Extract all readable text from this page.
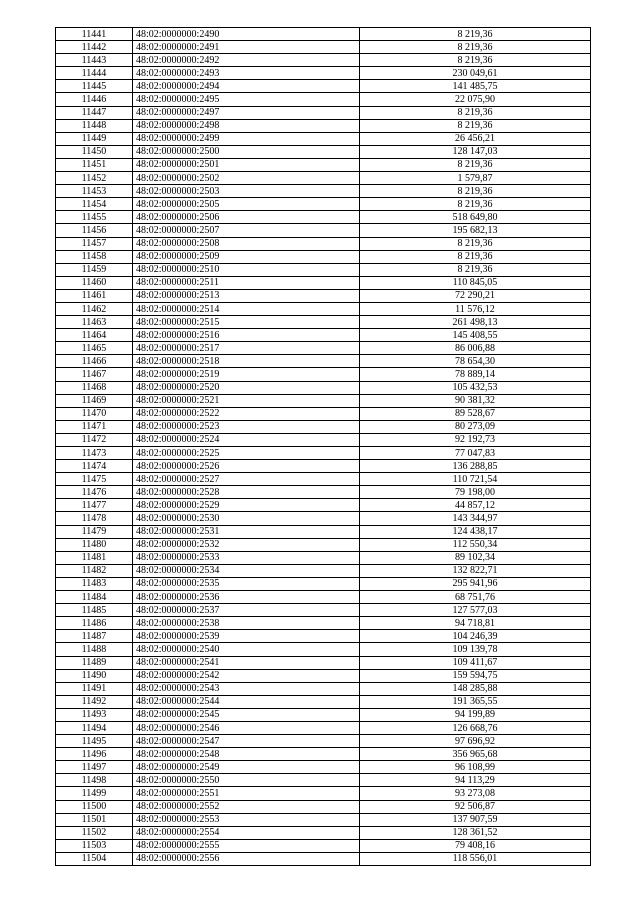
11441	48:02:0000000:2490	8 219,36
11442	48:02:0000000:2491	8 219,36
11443	48:02:0000000:2492	8 219,36
11444	48:02:0000000:2493	230 049,61
11445	48:02:0000000:2494	141 485,75
11446	48:02:0000000:2495	22 075,90
11447	48:02:0000000:2497	8 219,36
11448	48:02:0000000:2498	8 219,36
11449	48:02:0000000:2499	26 456,21
11450	48:02:0000000:2500	128 147,03
11451	48:02:0000000:2501	8 219,36
11452	48:02:0000000:2502	1 579,87
11453	48:02:0000000:2503	8 219,36
11454	48:02:0000000:2505	8 219,36
11455	48:02:0000000:2506	518 649,80
11456	48:02:0000000:2507	195 682,13
11457	48:02:0000000:2508	8 219,36
11458	48:02:0000000:2509	8 219,36
11459	48:02:0000000:2510	8 219,36
11460	48:02:0000000:2511	110 845,05
11461	48:02:0000000:2513	72 290,21
11462	48:02:0000000:2514	11 576,12
11463	48:02:0000000:2515	261 498,13
11464	48:02:0000000:2516	145 408,55
11465	48:02:0000000:2517	86 006,88
11466	48:02:0000000:2518	78 654,30
11467	48:02:0000000:2519	78 889,14
11468	48:02:0000000:2520	105 432,53
11469	48:02:0000000:2521	90 381,32
11470	48:02:0000000:2522	89 528,67
11471	48:02:0000000:2523	80 273,09
11472	48:02:0000000:2524	92 192,73
11473	48:02:0000000:2525	77 047,83
11474	48:02:0000000:2526	136 288,85
11475	48:02:0000000:2527	110 721,54
11476	48:02:0000000:2528	79 198,00
11477	48:02:0000000:2529	44 857,12
11478	48:02:0000000:2530	143 344,97
11479	48:02:0000000:2531	124 438,17
11480	48:02:0000000:2532	112 550,34
11481	48:02:0000000:2533	89 102,34
11482	48:02:0000000:2534	132 822,71
11483	48:02:0000000:2535	295 941,96
11484	48:02:0000000:2536	68 751,76
11485	48:02:0000000:2537	127 577,03
11486	48:02:0000000:2538	94 718,81
11487	48:02:0000000:2539	104 246,39
11488	48:02:0000000:2540	109 139,78
11489	48:02:0000000:2541	109 411,67
11490	48:02:0000000:2542	159 594,75
11491	48:02:0000000:2543	148 285,88
11492	48:02:0000000:2544	191 365,55
11493	48:02:0000000:2545	94 199,89
11494	48:02:0000000:2546	126 668,76
11495	48:02:0000000:2547	97 696,92
11496	48:02:0000000:2548	356 965,68
11497	48:02:0000000:2549	96 108,99
11498	48:02:0000000:2550	94 113,29
11499	48:02:0000000:2551	93 273,08
11500	48:02:0000000:2552	92 506,87
11501	48:02:0000000:2553	137 907,59
11502	48:02:0000000:2554	128 361,52
11503	48:02:0000000:2555	79 408,16
11504	48:02:0000000:2556	118 556,01
